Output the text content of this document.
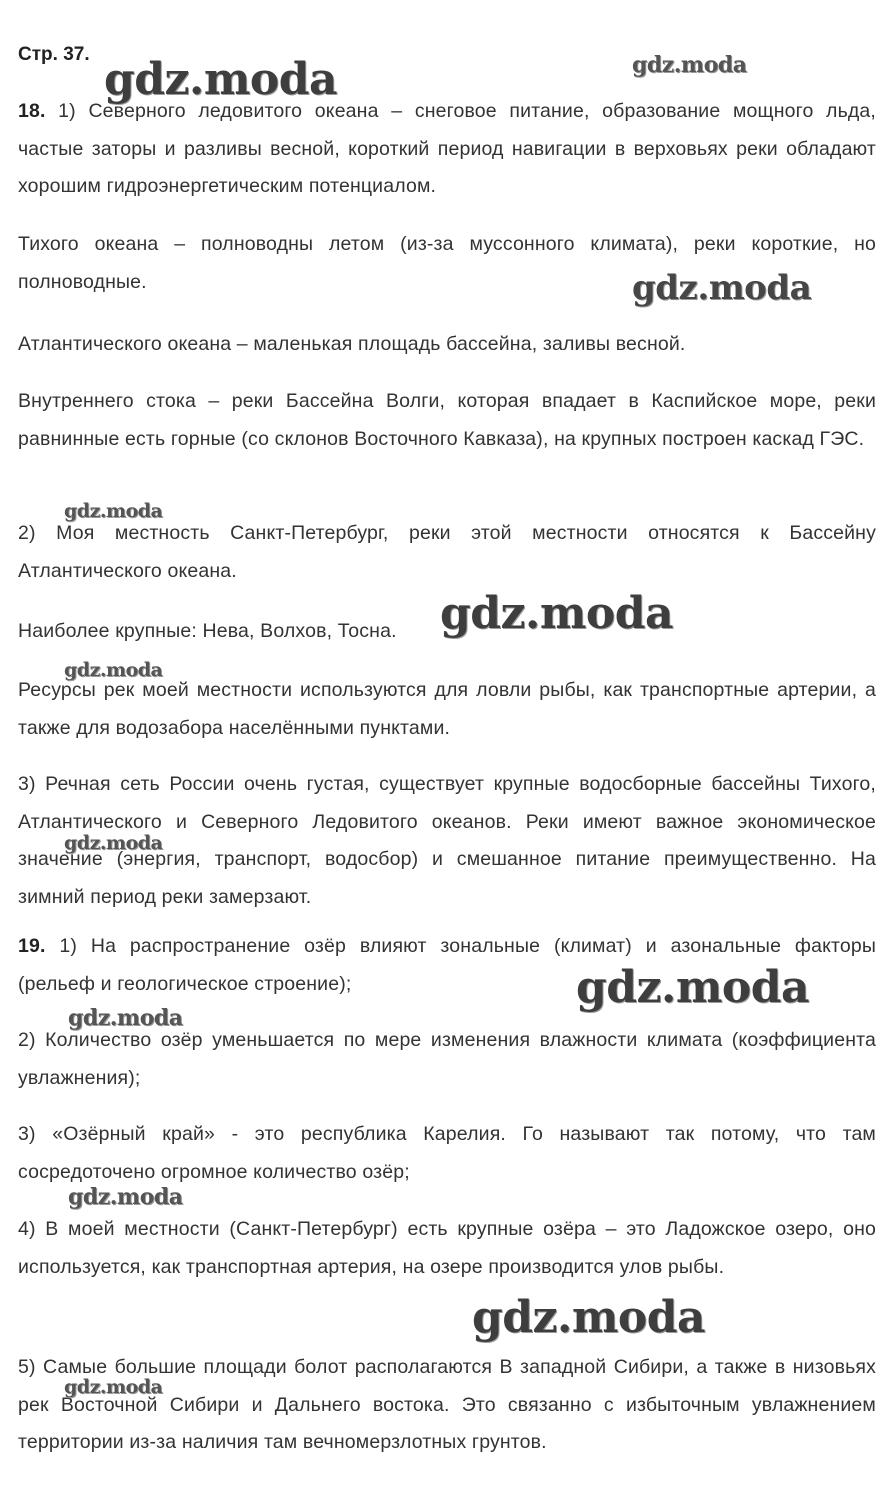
Стр. 37.
18. 1) Северного ледовитого океана – снеговое питание, образование мощного льда, частые заторы и разливы весной, короткий период навигации в верховьях реки обладают хорошим гидроэнергетическим потенциалом.
Тихого океана – полноводны летом (из-за муссонного климата), реки короткие, но полноводные.
Атлантического океана – маленькая площадь бассейна, заливы весной.
Внутреннего стока – реки Бассейна Волги, которая впадает в Каспийское море, реки равнинные есть горные (со склонов Восточного Кавказа), на крупных построен каскад ГЭС.
2) Моя местность Санкт-Петербург, реки этой местности относятся к Бассейну Атлантического океана.
Наиболее крупные: Нева, Волхов, Тосна.
Ресурсы рек моей местности используются для ловли рыбы, как транспортные артерии, а также для водозабора населёнными пунктами.
3) Речная сеть России очень густая, существует крупные водосборные бассейны Тихого, Атлантического и Северного Ледовитого океанов. Реки имеют важное экономическое значение (энергия, транспорт, водосбор) и смешанное питание преимущественно. На зимний период реки замерзают.
19. 1) На распространение озёр влияют зональные (климат) и азональные факторы (рельеф и геологическое строение);
2) Количество озёр уменьшается по мере изменения влажности климата (коэффициента увлажнения);
3) «Озёрный край» - это республика Карелия. Го называют так потому, что там сосредоточено огромное количество озёр;
4) В моей местности (Санкт-Петербург) есть крупные озёра – это Ладожское озеро, оно используется, как транспортная артерия, на озере производится улов рыбы.
5) Самые большие площади болот располагаются В западной Сибири, а также в низовьях рек Восточной Сибири и Дальнего востока. Это связанно с избыточным увлажнением территории из-за наличия там вечномерзлотных грунтов.
gdz.moda	gdz.moda
gdz.moda
gdz.moda
gdz.moda
gdz.moda
gdz.moda
gdz.moda
gdz.moda
gdz.moda
gdz.moda
gdz.moda
